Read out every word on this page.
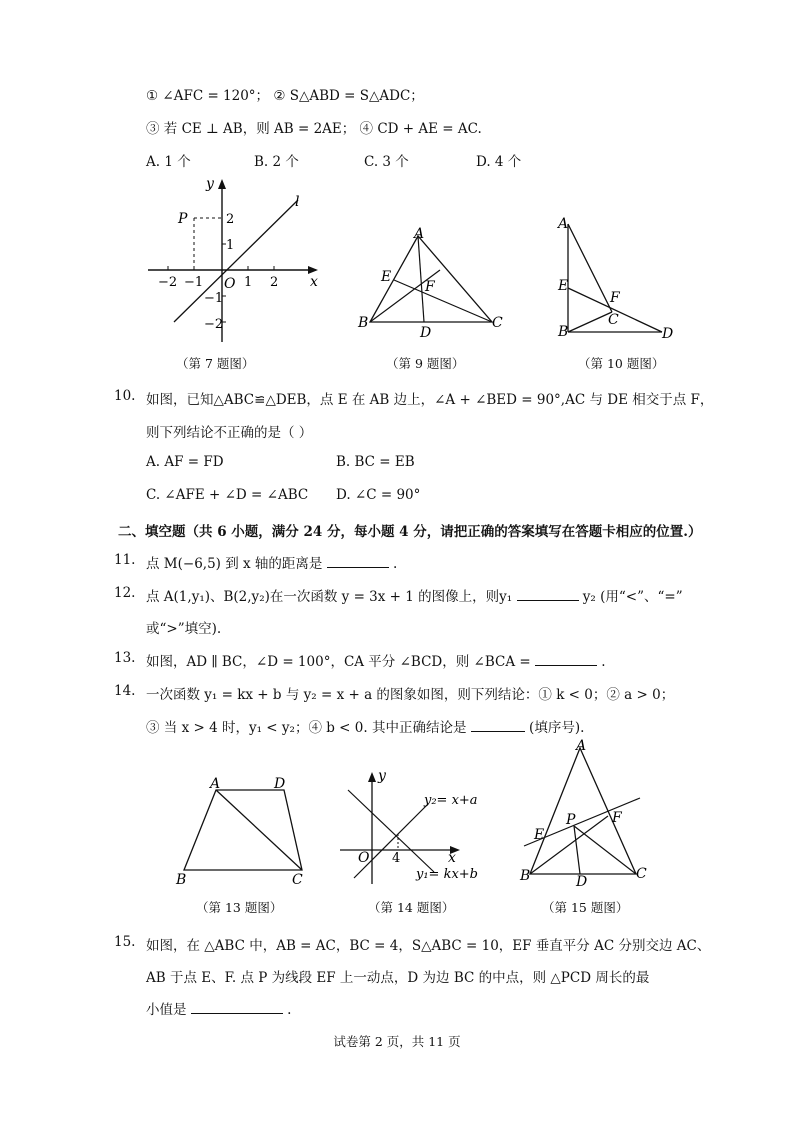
① ∠AFC = 120°； ② S△ABD = S△ADC；
③ 若 CE ⊥ AB，则 AB = 2AE； ④ CD + AE = AC.
A. 1 个	B. 2 个	C. 3 个	D. 4 个
y
x
P
l
O
2
1
−1
−2
−2 −1	1 2
（第 7 题图）
A
B	C
D
E
F
（第 9 题图）
A
B
C
D
E
F
（第 10 题图）
10. 如图，已知△ABC≌△DEB，点 E 在 AB 边上，∠A + ∠BED = 90°,AC 与 DE 相交于点 F，
则下列结论不正确的是（ ）
A. AF = FD	B. BC = EB
C. ∠AFE + ∠D = ∠ABC D. ∠C = 90°
二、填空题（共 6 小题，满分 24 分，每小题 4 分，请把正确的答案填写在答题卡相应的位置.）
11. 点 M(−6,5) 到 x 轴的距离是	.
12. 点 A(1,y₁)、B(2,y₂)在一次函数 y = 3x + 1 的图像上，则y₁	y₂ (用“<”、“=”
或“>”填空).
13. 如图，AD ∥ BC，∠D = 100°，CA 平分 ∠BCD，则 ∠BCA =	.
14. 一次函数 y₁ = kx + b 与 y₂ = x + a 的图象如图，则下列结论：① k < 0；② a > 0；
③ 当 x > 4 时，y₁ < y₂；④ b < 0. 其中正确结论是	(填序号).
A	D
B	C
（第 13 题图）
y
x
O 4
y₂= x+a
y₁= kx+b
（第 14 题图）
A
B	C
D
E
F
P
（第 15 题图）
15. 如图，在 △ABC 中，AB = AC，BC = 4，S△ABC = 10，EF 垂直平分 AC 分别交边 AC、
AB 于点 E、F. 点 P 为线段 EF 上一动点，D 为边 BC 的中点，则 △PCD 周长的最
小值是	.
试卷第 2 页，共 11 页
